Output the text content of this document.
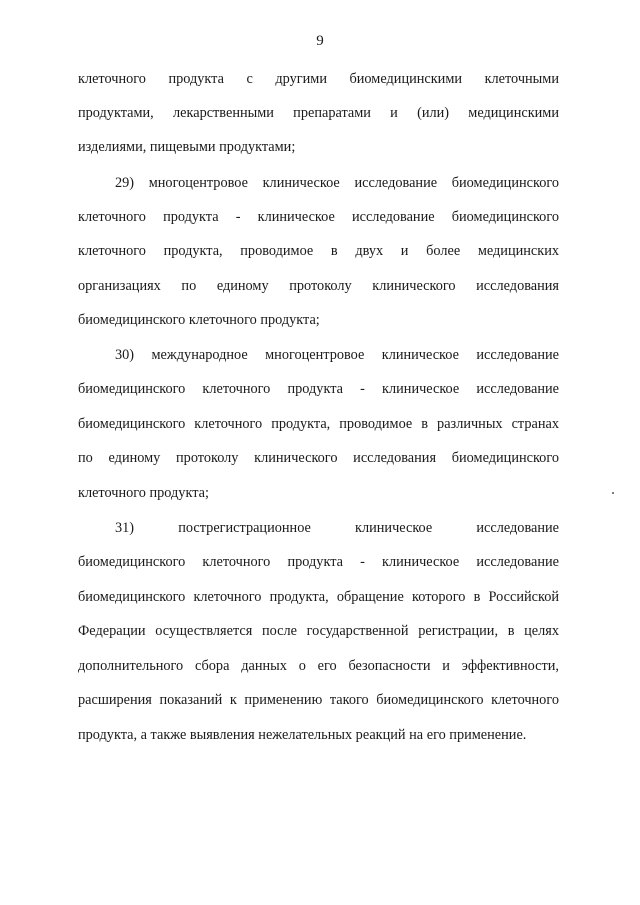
9
клеточного продукта с другими биомедицинскими клеточными
продуктами, лекарственными препаратами и (или) медицинскими
изделиями, пищевыми продуктами;
29) многоцентровое клиническое исследование биомедицинского
клеточного продукта - клиническое исследование биомедицинского
клеточного продукта, проводимое в двух и более медицинских
организациях по единому протоколу клинического исследования
биомедицинского клеточного продукта;
30) международное многоцентровое клиническое исследование
биомедицинского клеточного продукта - клиническое исследование
биомедицинского клеточного продукта, проводимое в различных странах
по единому протоколу клинического исследования биомедицинского
клеточного продукта;
31) пострегистрационное клиническое исследование
биомедицинского клеточного продукта - клиническое исследование
биомедицинского клеточного продукта, обращение которого в Российской
Федерации осуществляется после государственной регистрации, в целях
дополнительного сбора данных о его безопасности и эффективности,
расширения показаний к применению такого биомедицинского клеточного
продукта, а также выявления нежелательных реакций на его применение.
